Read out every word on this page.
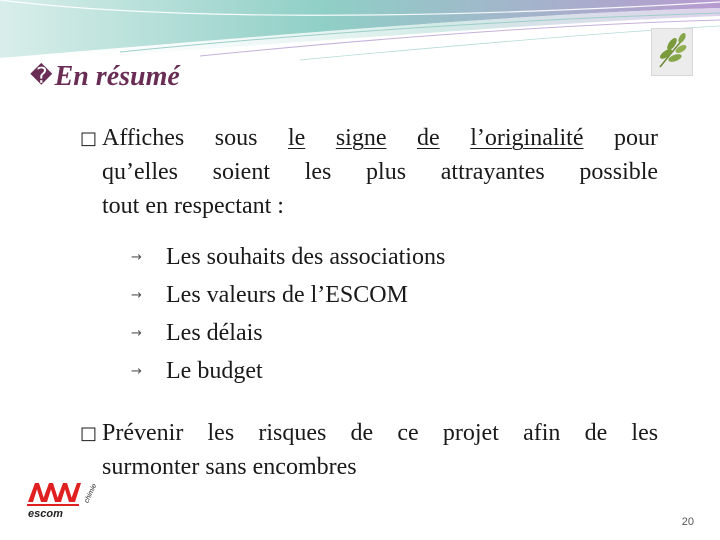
�En résumé
□ Affiches sous le signe de l’originalité pour
qu’elles soient les plus attrayantes possible
tout en respectant :
→ Les souhaits des associations
→ Les valeurs de l’ESCOM
→ Les délais
→ Le budget
□ Prévenir les risques de ce projet afin de les
surmonter sans encombres
escom
chimie
20
